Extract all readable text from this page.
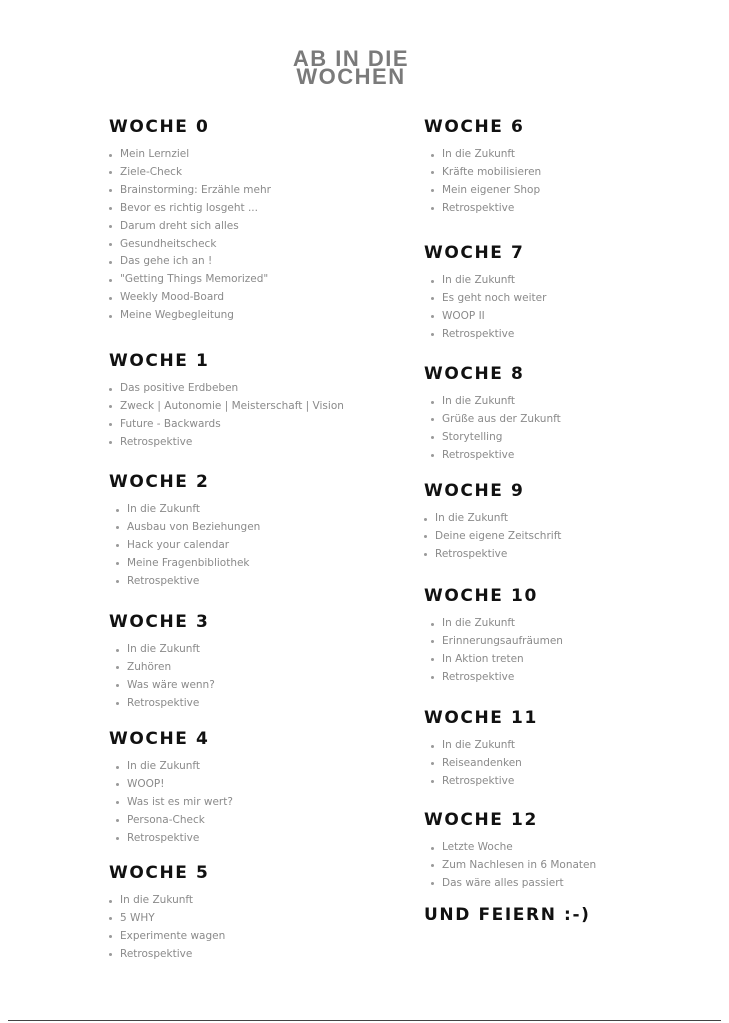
AB IN DIE
WOCHEN
WOCHE 0
Mein Lernziel
Ziele-Check
Brainstorming: Erzähle mehr
Bevor es richtig losgeht ...
Darum dreht sich alles
Gesundheitscheck
Das gehe ich an !
"Getting Things Memorized"
Weekly Mood-Board
Meine Wegbegleitung
WOCHE 1
Das positive Erdbeben
Zweck | Autonomie | Meisterschaft | Vision
Future - Backwards
Retrospektive
WOCHE 2
In die Zukunft
Ausbau von Beziehungen
Hack your calendar
Meine Fragenbibliothek
Retrospektive
WOCHE 3
In die Zukunft
Zuhören
Was wäre wenn?
Retrospektive
WOCHE 4
In die Zukunft
WOOP!
Was ist es mir wert?
Persona-Check
Retrospektive
WOCHE 5
In die Zukunft
5 WHY
Experimente wagen
Retrospektive
WOCHE 6
In die Zukunft
Kräfte mobilisieren
Mein eigener Shop
Retrospektive
WOCHE 7
In die Zukunft
Es geht noch weiter
WOOP II
Retrospektive
WOCHE 8
In die Zukunft
Grüße aus der Zukunft
Storytelling
Retrospektive
WOCHE 9
In die Zukunft
Deine eigene Zeitschrift
Retrospektive
WOCHE 10
In die Zukunft
Erinnerungsaufräumen
In Aktion treten
Retrospektive
WOCHE 11
In die Zukunft
Reiseandenken
Retrospektive
WOCHE 12
Letzte Woche
Zum Nachlesen in 6 Monaten
Das wäre alles passiert
UND FEIERN :-)
